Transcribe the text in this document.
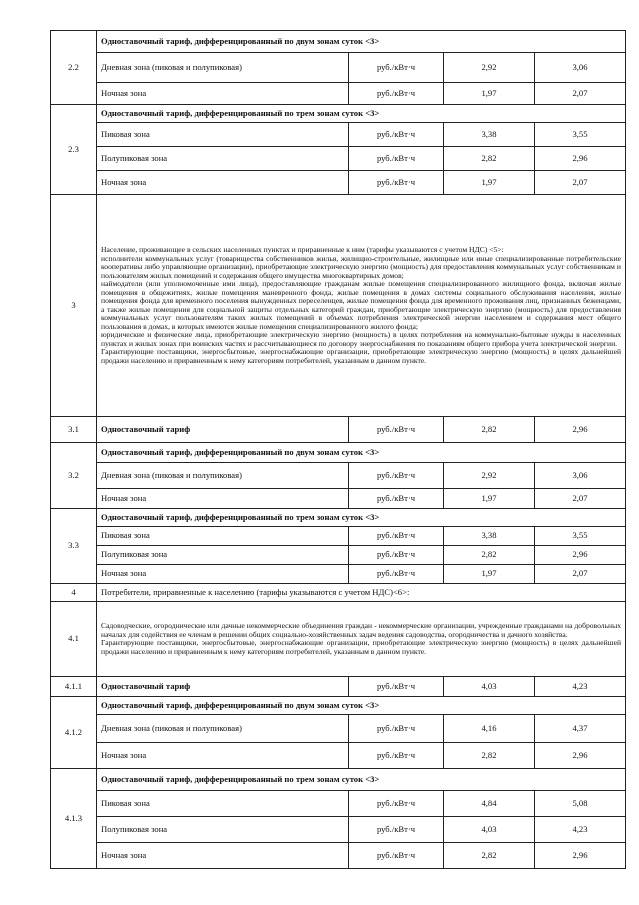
2.2	Одноставочный тариф, дифференцированный по двум зонам суток <3>			
	Дневная зона (пиковая и полупиковая)	руб./кВт·ч	2,92	3,06
	Ночная зона	руб./кВт·ч	1,97	2,07
2.3	Одноставочный тариф, дифференцированный по трем зонам суток <3>			
	Пиковая зона	руб./кВт·ч	3,38	3,55
	Полупиковая зона	руб./кВт·ч	2,82	2,96
	Ночная зона	руб./кВт·ч	1,97	2,07
3	Население, проживающее в сельских населенных пунктах и приравненные к ним (тарифы указываются с учетом НДС) <5>:
исполнители коммунальных услуг (товарищества собственников жилья, жилищно-строительные, жилищные или иные специализированные потребительские кооперативы либо управляющие организации), приобретающие электрическую энергию (мощность) для предоставления коммунальных услуг собственникам и пользователям жилых помещений и содержания общего имущества многоквартирных домов;
наймодатели (или уполномоченные ими лица), предоставляющие гражданам жилые помещения специализированного жилищного фонда, включая жилые помещения в общежитиях, жилые помещения маневренного фонда, жилые помещения в домах системы социального обслуживания населения, жилые помещения фонда для временного поселения вынужденных переселенцев, жилые помещения фонда для временного проживания лиц, признанных беженцами, а также жилые помещения для социальной защиты отдельных категорий граждан, приобретающие электрическую энергию (мощность) для предоставления коммунальных услуг пользователям таких жилых помещений в объемах потребления электрической энергии населением и содержания мест общего пользования в домах, в которых имеются жилые помещения специализированного жилого фонда;
юридические и физические лица, приобретающие электрическую энергию (мощность) в целях потребления на коммунально-бытовые нужды в населенных пунктах и жилых зонах при воинских частях и рассчитывающиеся по договору энергоснабжения по показаниям общего прибора учета электрической энергии.
Гарантирующие поставщики, энергосбытовые, энергоснабжающие организации, приобретающие электрическую энергию (мощность) в целях дальнейшей продажи населению и приравненным к нему категориям потребителей, указанным в данном пункте.			

3.1	Одноставочный тариф	руб./кВт·ч	2,82	2,96
3.2	Одноставочный тариф, дифференцированный по двум зонам суток <3>			
	Дневная зона (пиковая и полупиковая)	руб./кВт·ч	2,92	3,06
	Ночная зона	руб./кВт·ч	1,97	2,07
3.3	Одноставочный тариф, дифференцированный по трем зонам суток <3>			
	Пиковая зона	руб./кВт·ч	3,38	3,55
	Полупиковая зона	руб./кВт·ч	2,82	2,96
	Ночная зона	руб./кВт·ч	1,97	2,07
4	Потребители, приравненные к населению (тарифы указываются с учетом НДС)<6>:			
4.1	Садоводческие, огороднические или дачные некоммерческие объединения граждан - некоммерческие организации, учрежденные гражданами на добровольных началах для содействия ее членам в решении общих социально-хозяйственных задач ведения садоводства, огородничества и дачного хозяйства.
Гарантирующие поставщики, энергосбытовые, энергоснабжающие организации, приобретающие электрическую энергию (мощность) в целях дальнейшей продажи населению и приравненным к нему категориям потребителей, указанным в данном пункте.			

4.1.1	Одноставочный тариф	руб./кВт·ч	4,03	4,23
4.1.2	Одноставочный тариф, дифференцированный по двум зонам суток <3>			
	Дневная зона (пиковая и полупиковая)	руб./кВт·ч	4,16	4,37
	Ночная зона	руб./кВт·ч	2,82	2,96
4.1.3	Одноставочный тариф, дифференцированный по трем зонам суток <3>			
	Пиковая зона	руб./кВт·ч	4,84	5,08
	Полупиковая зона	руб./кВт·ч	4,03	4,23
	Ночная зона	руб./кВт·ч	2,82	2,96
